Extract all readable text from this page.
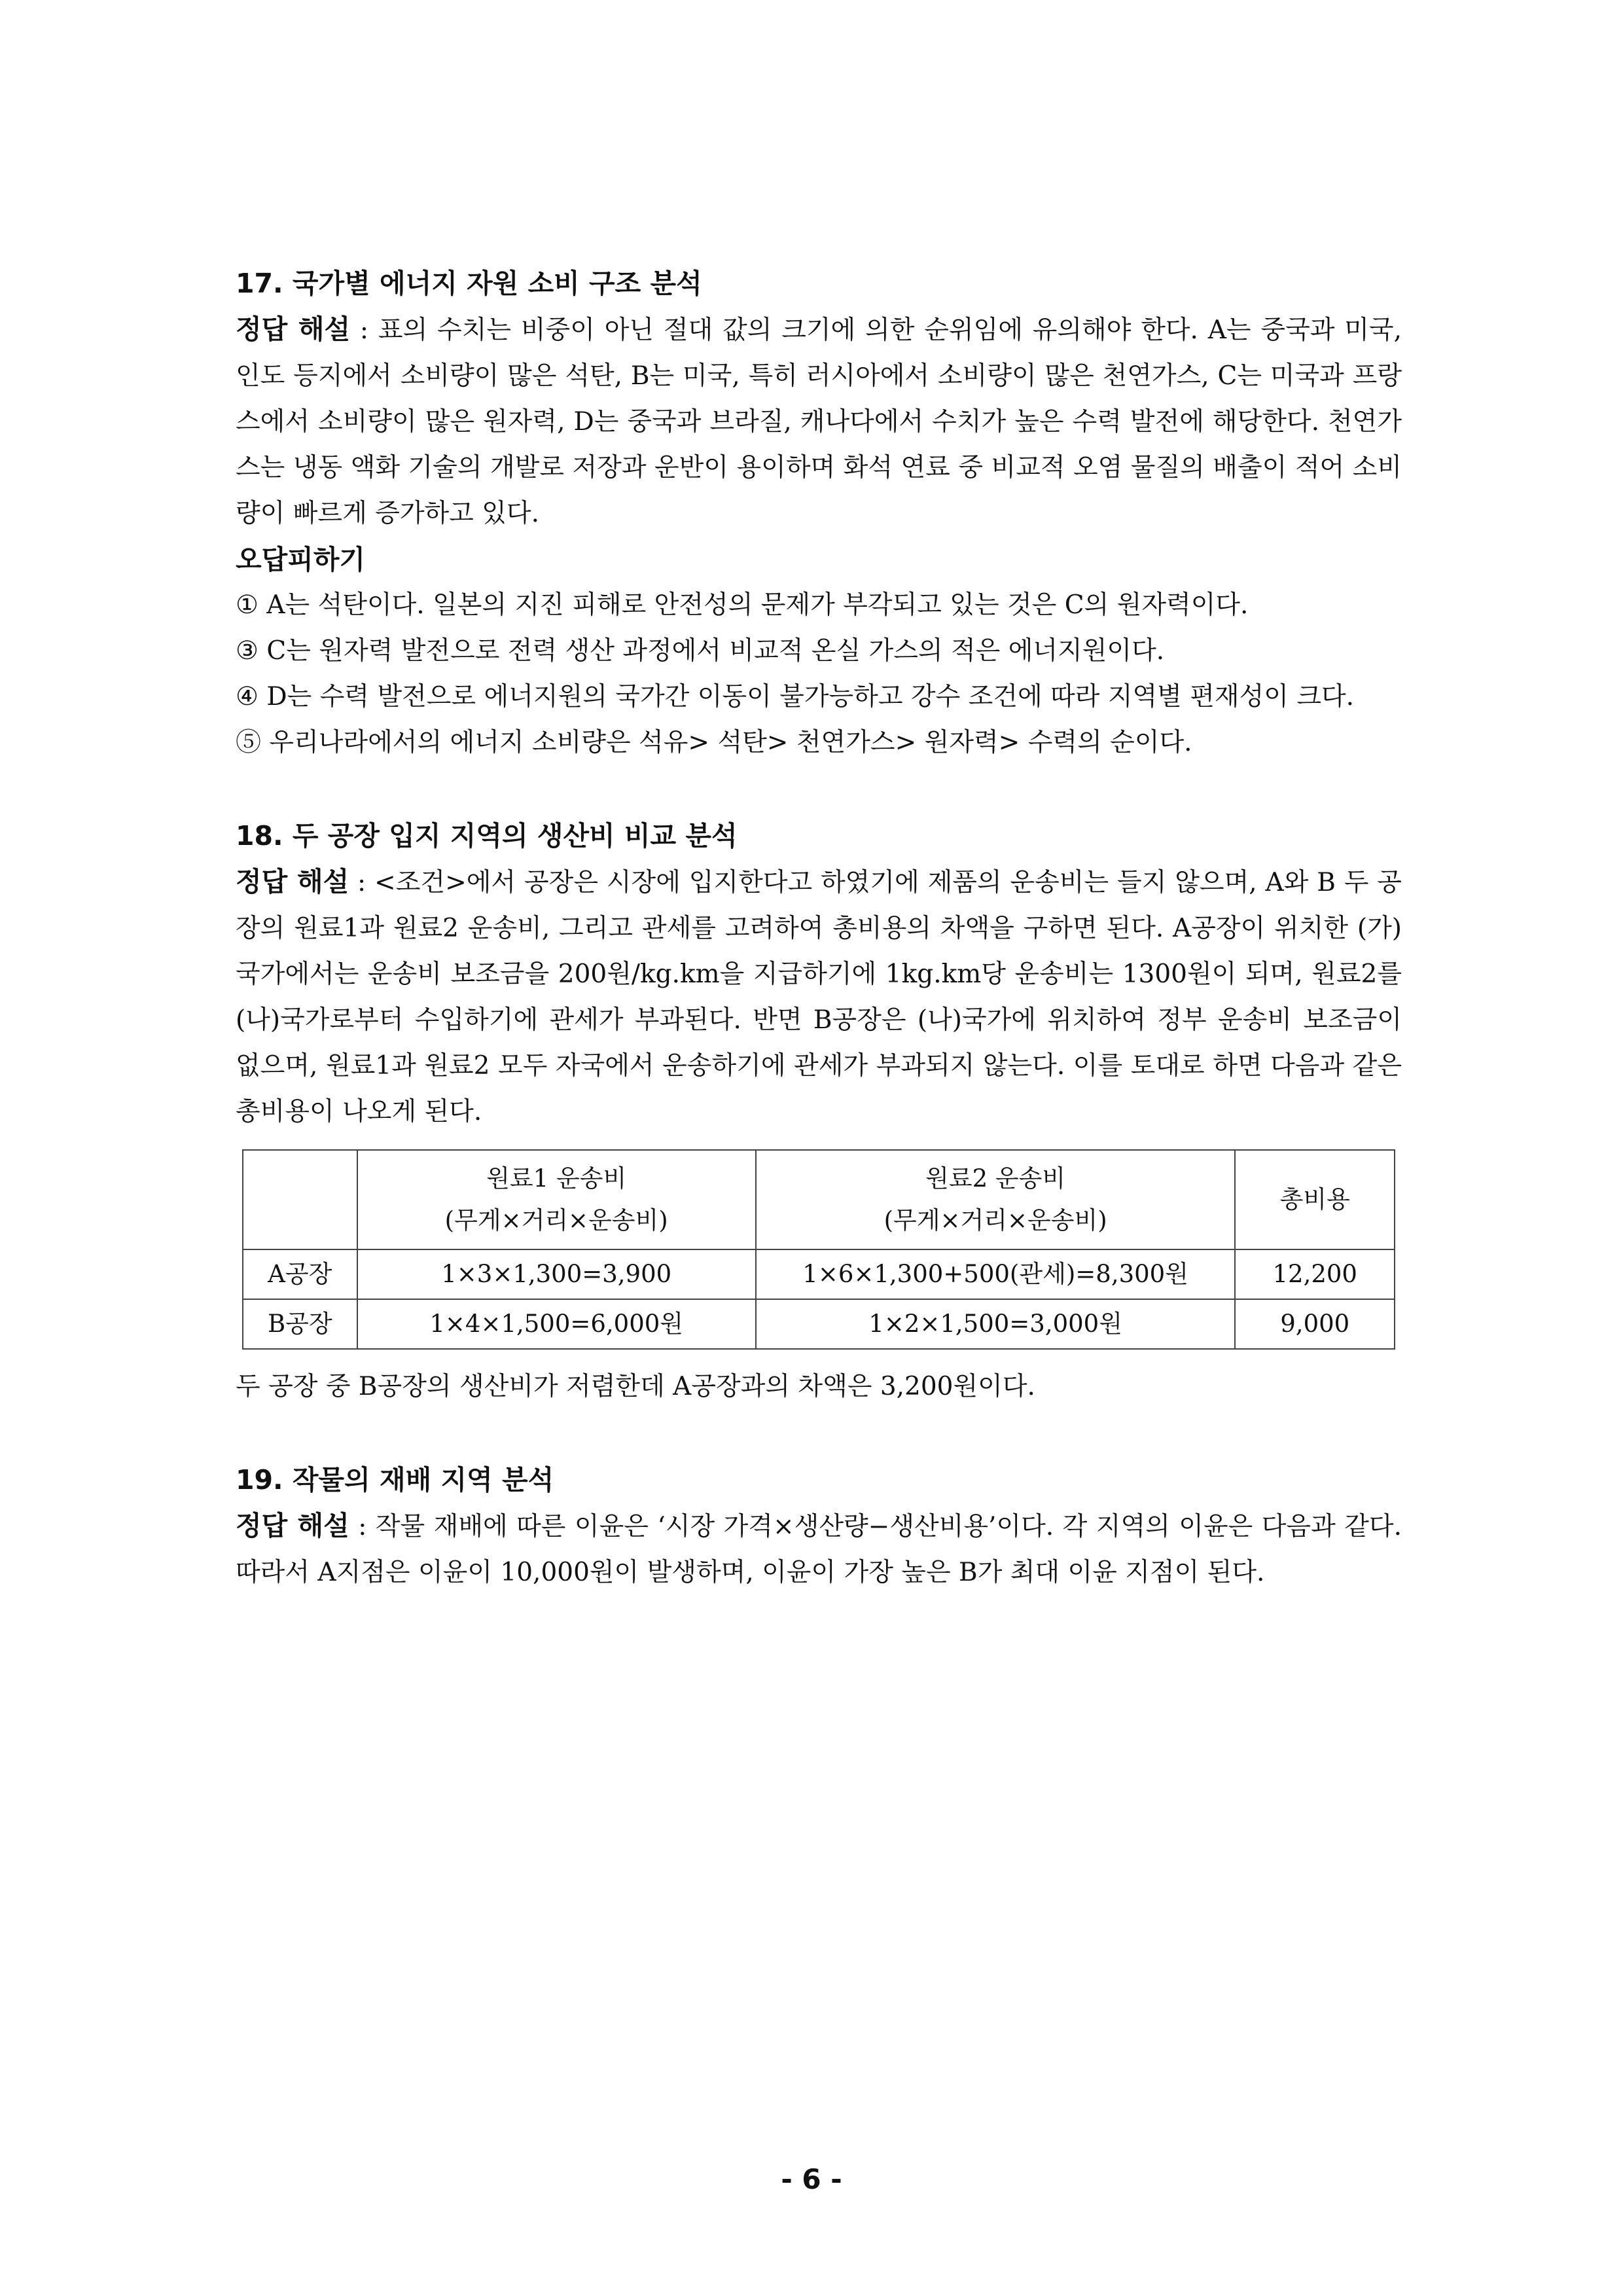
17. 국가별 에너지 자원 소비 구조 분석

정답 해설 : 표의 수치는 비중이 아닌 절대 값의 크기에 의한 순위임에 유의해야 한다. A는 중국과 미국, 인도 등지에서 소비량이 많은 석탄, B는 미국, 특히 러시아에서 소비량이 많은 천연가스, C는 미국과 프랑스에서 소비량이 많은 원자력, D는 중국과 브라질, 캐나다에서 수치가 높은 수력 발전에 해당한다. 천연가스는 냉동 액화 기술의 개발로 저장과 운반이 용이하며 화석 연료 중 비교적 오염 물질의 배출이 적어 소비량이 빠르게 증가하고 있다.

오답피하기

① A는 석탄이다. 일본의 지진 피해로 안전성의 문제가 부각되고 있는 것은 C의 원자력이다.

③ C는 원자력 발전으로 전력 생산 과정에서 비교적 온실 가스의 적은 에너지원이다.

④ D는 수력 발전으로 에너지원의 국가간 이동이 불가능하고 강수 조건에 따라 지역별 편재성이 크다.

⑤ 우리나라에서의 에너지 소비량은 석유> 석탄> 천연가스> 원자력> 수력의 순이다.

18. 두 공장 입지 지역의 생산비 비교 분석

정답 해설 : <조건>에서 공장은 시장에 입지한다고 하였기에 제품의 운송비는 들지 않으며, A와 B 두 공장의 원료1과 원료2 운송비, 그리고 관세를 고려하여 총비용의 차액을 구하면 된다. A공장이 위치한 (가)국가에서는 운송비 보조금을 200원/kg.km을 지급하기에 1kg.km당 운송비는 1300원이 되며, 원료2를 (나)국가로부터 수입하기에 관세가 부과된다. 반면 B공장은 (나)국가에 위치하여 정부 운송비 보조금이 없으며, 원료1과 원료2 모두 자국에서 운송하기에 관세가 부과되지 않는다. 이를 토대로 하면 다음과 같은 총비용이 나오게 된다.

	원료1 운송비
(무게×거리×운송비)	원료2 운송비
(무게×거리×운송비)	총비용
A공장	1×3×1,300=3,900	1×6×1,300+500(관세)=8,300원	12,200
B공장	1×4×1,500=6,000원	1×2×1,500=3,000원	9,000

두 공장 중 B공장의 생산비가 저렴한데 A공장과의 차액은 3,200원이다.

19. 작물의 재배 지역 분석

정답 해설 : 작물 재배에 따른 이윤은 ‘시장 가격×생산량−생산비용’이다. 각 지역의 이윤은 다음과 같다. 따라서 A지점은 이윤이 10,000원이 발생하며, 이윤이 가장 높은 B가 최대 이윤 지점이 된다.

- 6 -
